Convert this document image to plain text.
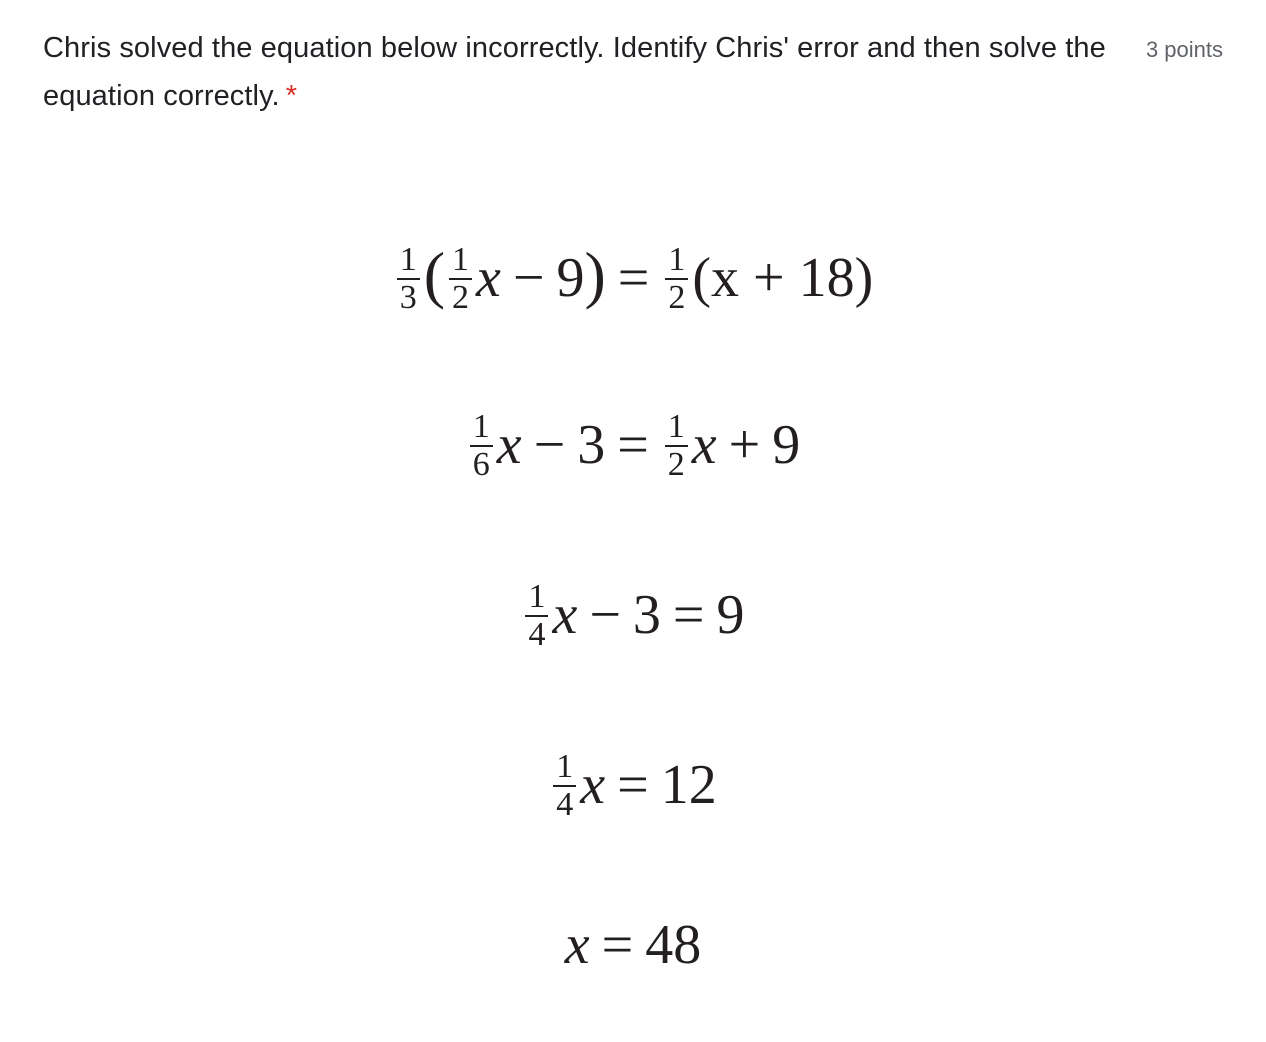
Chris solved the equation below incorrectly. Identify Chris' error and then solve the equation correctly. *
3 points
$\frac{1}{3}$ ( $\frac{1}{2}$ $x - 9) = \frac{1}{2} (x + 18)$
$\frac{1}{6}$ $x - 3 = \frac{1}{2}$ x + 9
$\frac{1}{4}$ x − 3 = 9
$\frac{1}{4}$ x = 12
x = 48
